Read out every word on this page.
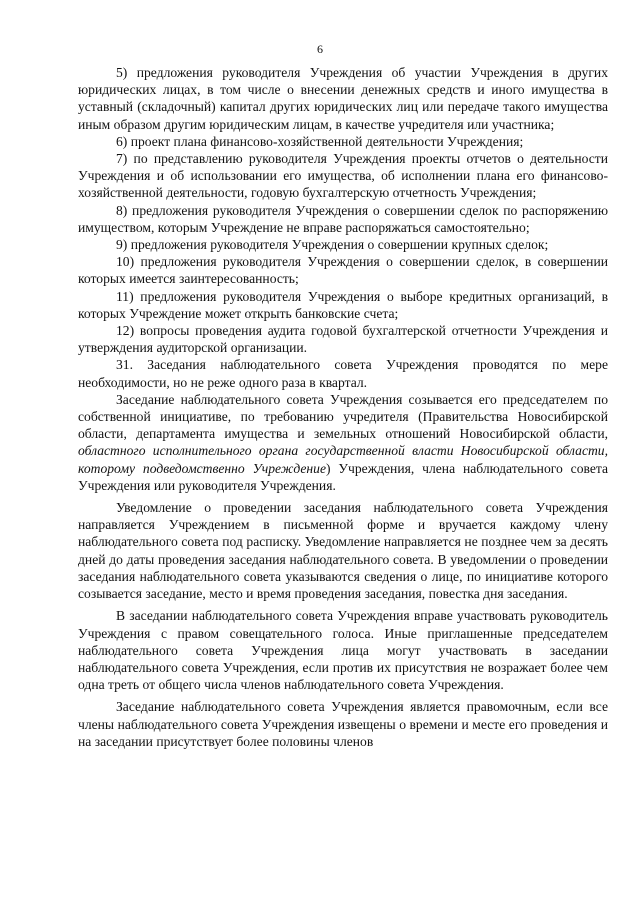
6

5) предложения руководителя Учреждения об участии Учреждения в других юридических лицах, в том числе о внесении денежных средств и иного имущества в уставный (складочный) капитал других юридических лиц или передаче такого имущества иным образом другим юридическим лицам, в качестве учредителя или участника;

6) проект плана финансово-хозяйственной деятельности Учреждения;

7) по представлению руководителя Учреждения проекты отчетов о деятельности Учреждения и об использовании его имущества, об исполнении плана его финансово-хозяйственной деятельности, годовую бухгалтерскую отчетность Учреждения;

8) предложения руководителя Учреждения о совершении сделок по распоряжению имуществом, которым Учреждение не вправе распоряжаться самостоятельно;

9) предложения руководителя Учреждения о совершении крупных сделок;

10) предложения руководителя Учреждения о совершении сделок, в совершении которых имеется заинтересованность;

11) предложения руководителя Учреждения о выборе кредитных организаций, в которых Учреждение может открыть банковские счета;

12) вопросы проведения аудита годовой бухгалтерской отчетности Учреждения и утверждения аудиторской организации.

31. Заседания наблюдательного совета Учреждения проводятся по мере необходимости, но не реже одного раза в квартал.

Заседание наблюдательного совета Учреждения созывается его председателем по собственной инициативе, по требованию учредителя (Правительства Новосибирской области, департамента имущества и земельных отношений Новосибирской области, областного исполнительного органа государственной власти Новосибирской области, которому подведомственно Учреждение) Учреждения, члена наблюдательного совета Учреждения или руководителя Учреждения.

Уведомление о проведении заседания наблюдательного совета Учреждения направляется Учреждением в письменной форме и вручается каждому члену наблюдательного совета под расписку. Уведомление направляется не позднее чем за десять дней до даты проведения заседания наблюдательного совета. В уведомлении о проведении заседания наблюдательного совета указываются сведения о лице, по инициативе которого созывается заседание, место и время проведения заседания, повестка дня заседания.

В заседании наблюдательного совета Учреждения вправе участвовать руководитель Учреждения с правом совещательного голоса. Иные приглашенные председателем наблюдательного совета Учреждения лица могут участвовать в заседании наблюдательного совета Учреждения, если против их присутствия не возражает более чем одна треть от общего числа членов наблюдательного совета Учреждения.

Заседание наблюдательного совета Учреждения является правомочным, если все члены наблюдательного совета Учреждения извещены о времени и месте его проведения и на заседании присутствует более половины членов
